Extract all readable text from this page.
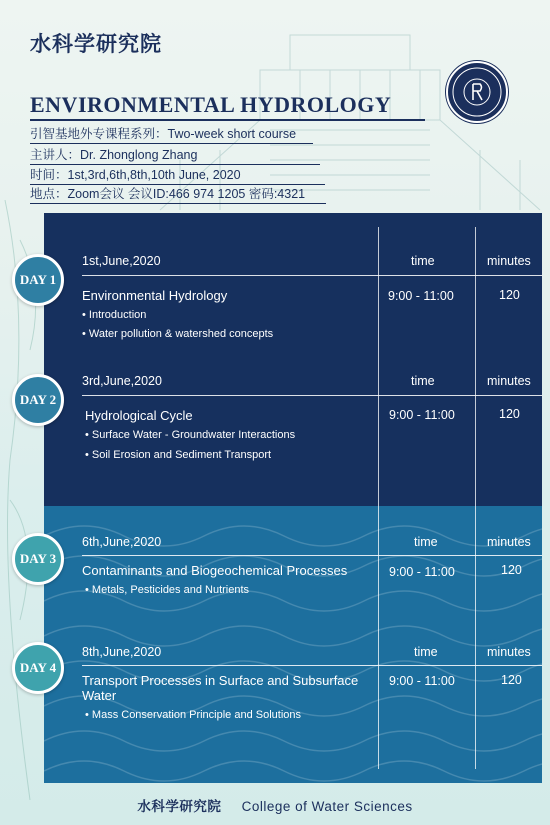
水科学研究院
ENVIRONMENTAL HYDROLOGY
引智基地外专课程系列：Two-week short course
主讲人：Dr. Zhonglong Zhang
时间：1st,3rd,6th,8th,10th June, 2020
地点：Zoom会议 会议ID:466 974 1205 密码:4321
1st,June,2020	time	minutes
Environmental Hydrology
• Introduction
• Water pollution & watershed concepts
9:00 - 11:00	120
3rd,June,2020	time	minutes
Hydrological Cycle
• Surface Water - Groundwater Interactions
• Soil Erosion and Sediment Transport
9:00 - 11:00	120
6th,June,2020	time	minutes
Contaminants and Biogeochemical Processes
• Metals, Pesticides and Nutrients
9:00 - 11:00	120
8th,June,2020	time	minutes
Transport Processes in Surface and Subsurface
Water
• Mass Conservation Principle and Solutions
9:00 - 11:00	120
DAY 1
DAY 2
DAY 3
DAY 4
水科学研究院 College of Water Sciences
